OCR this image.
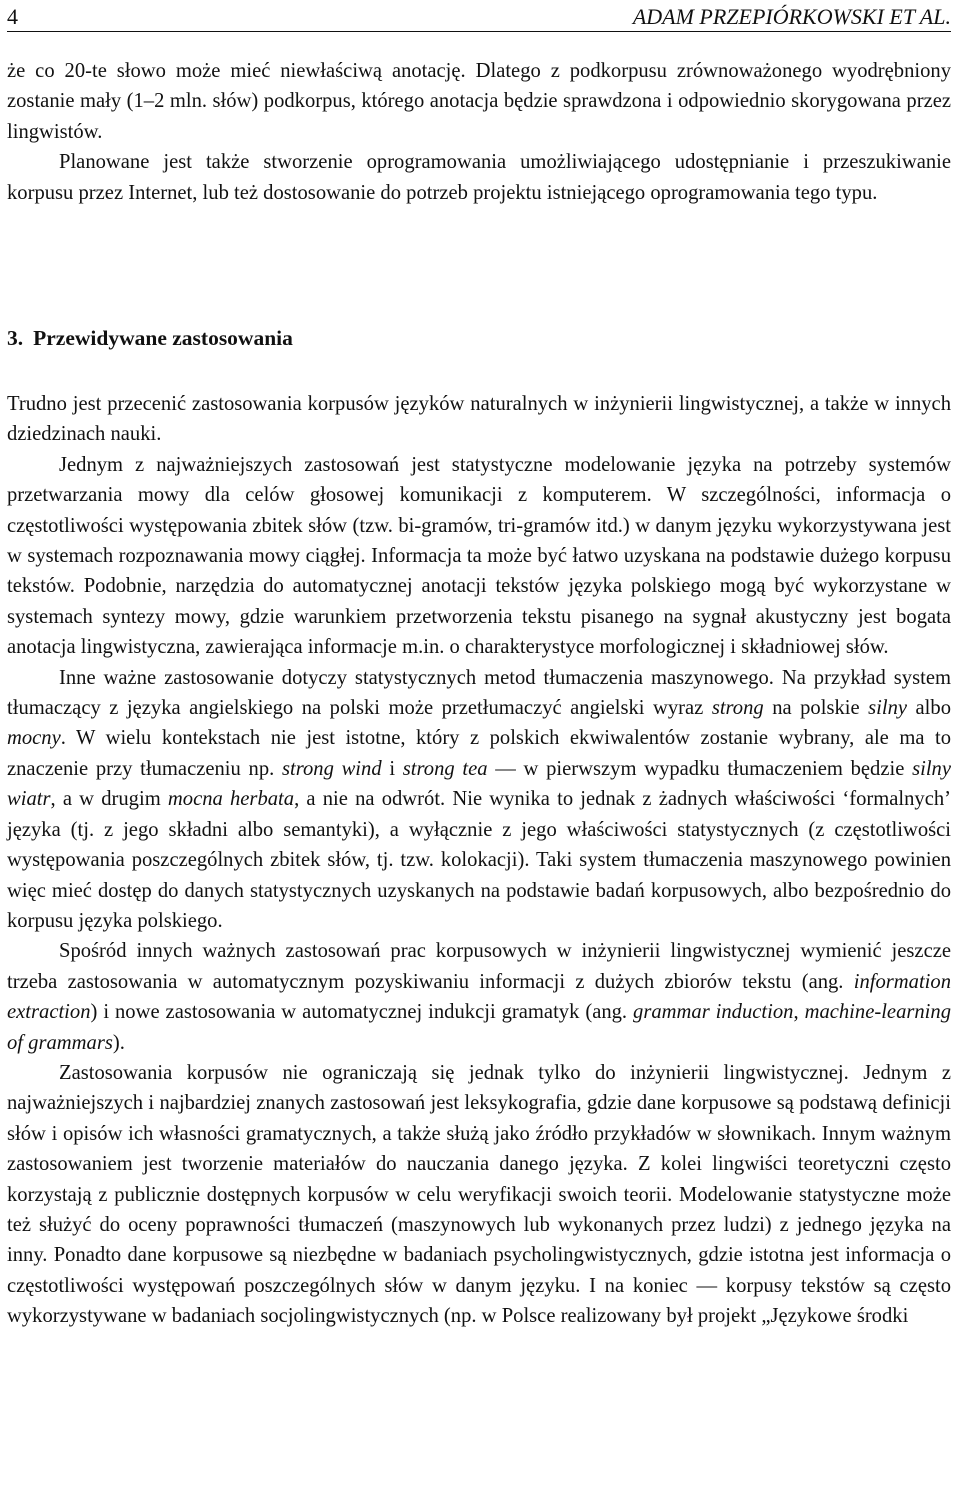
4	ADAM PRZEPIÓRKOWSKI ET AL.

że co 20-te słowo może mieć niewłaściwą anotację. Dlatego z podkorpusu zrównoważonego wyodrębniony zostanie mały (1–2 mln. słów) podkorpus, którego anotacja będzie sprawdzona i odpowiednio skorygowana przez lingwistów.

Planowane jest także stworzenie oprogramowania umożliwiającego udostępnianie i przeszukiwanie korpusu przez Internet, lub też dostosowanie do potrzeb projektu istniejącego oprogramowania tego typu.

3. Przewidywane zastosowania

Trudno jest przecenić zastosowania korpusów języków naturalnych w inżynierii lingwistycznej, a także w innych dziedzinach nauki.

Jednym z najważniejszych zastosowań jest statystyczne modelowanie języka na potrzeby systemów przetwarzania mowy dla celów głosowej komunikacji z komputerem. W szczególności, informacja o częstotliwości występowania zbitek słów (tzw. bi-gramów, tri-gramów itd.) w danym języku wykorzystywana jest w systemach rozpoznawania mowy ciągłej. Informacja ta może być łatwo uzyskana na podstawie dużego korpusu tekstów. Podobnie, narzędzia do automatycznej anotacji tekstów języka polskiego mogą być wykorzystane w systemach syntezy mowy, gdzie warunkiem przetworzenia tekstu pisanego na sygnał akustyczny jest bogata anotacja lingwistyczna, zawierająca informacje m.in. o charakterystyce morfologicznej i składniowej słów.

Inne ważne zastosowanie dotyczy statystycznych metod tłumaczenia maszynowego. Na przykład system tłumaczący z języka angielskiego na polski może przetłumaczyć angielski wyraz strong na polskie silny albo mocny. W wielu kontekstach nie jest istotne, który z polskich ekwiwalentów zostanie wybrany, ale ma to znaczenie przy tłumaczeniu np. strong wind i strong tea — w pierwszym wypadku tłumaczeniem będzie silny wiatr, a w drugim mocna herbata, a nie na odwrót. Nie wynika to jednak z żadnych właściwości ‘formalnych’ języka (tj. z jego składni albo semantyki), a wyłącznie z jego właściwości statystycznych (z częstotliwości występowania poszczególnych zbitek słów, tj. tzw. kolokacji). Taki system tłumaczenia maszynowego powinien więc mieć dostęp do danych statystycznych uzyskanych na podstawie badań korpusowych, albo bezpośrednio do korpusu języka polskiego.

Spośród innych ważnych zastosowań prac korpusowych w inżynierii lingwistycznej wymienić jeszcze trzeba zastosowania w automatycznym pozyskiwaniu informacji z dużych zbiorów tekstu (ang. information extraction) i nowe zastosowania w automatycznej indukcji gramatyk (ang. grammar induction, machine-learning of grammars).

Zastosowania korpusów nie ograniczają się jednak tylko do inżynierii lingwistycznej. Jednym z najważniejszych i najbardziej znanych zastosowań jest leksykografia, gdzie dane korpusowe są podstawą definicji słów i opisów ich własności gramatycznych, a także służą jako źródło przykładów w słownikach. Innym ważnym zastosowaniem jest tworzenie materiałów do nauczania danego języka. Z kolei lingwiści teoretyczni często korzystają z publicznie dostępnych korpusów w celu weryfikacji swoich teorii. Modelowanie statystyczne może też służyć do oceny poprawności tłumaczeń (maszynowych lub wykonanych przez ludzi) z jednego języka na inny. Ponadto dane korpusowe są niezbędne w badaniach psycholingwistycznych, gdzie istotna jest informacja o częstotliwości występowań poszczególnych słów w danym języku. I na koniec — korpusy tekstów są często wykorzystywane w badaniach socjolingwistycznych (np. w Polsce realizowany był projekt „Językowe środki
